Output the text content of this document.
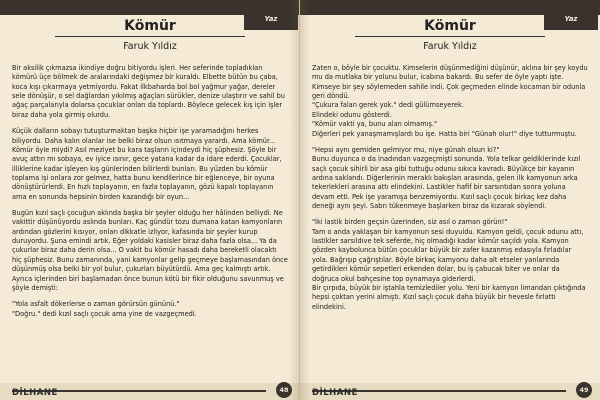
Yaz
Kömür
Faruk Yıldız

Bir aksilik çıkmazsa ikindiye doğru bitiyordu işleri. Her seferinde topladıkları kömürü üçe bölmek de aralarındaki değişmez bir kuraldı. Elbette bütün bu çaba, koca kışı çıkarmaya yetmiyordu. Fakat ilkbaharda bol bol yağmur yağar, dereler sele dönüşür, o sel dağlardan yıkılmış ağaçları sürükler, denize ulaştırır ve sahil bu ağaç parçalarıyla dolarsa çocuklar onları da toplardı. Böylece gelecek kış için işler biraz daha yola girmiş olurdu.

Küçük dalların sobayı tutuşturmaktan başka hiçbir işe yaramadığını herkes biliyordu. Daha kalın olanlar ise belki biraz olsun ısıtmaya yarardı. Ama kömür... Kömür öyle miydi? Asıl meziyet bu kara taşların içindeydi hiç şüphesiz. Şöyle bir avuç attın mı sobaya, ev iyice ısınır, gece yatana kadar da idare ederdi. Çocuklar, illiklerine kadar işleyen kış günlerinden bilirlerdi bunları. Bu yüzden bu kömür toplama işi onlara zor gelmez, hatta bunu kendilerince bir eğlenceye, bir oyuna dönüştürürlerdi. En hızlı toplayanın, en fazla toplayanın, gözü kapalı toplayanın ama en sonunda hepsinin birden kazandığı bir oyun...

Bugün kızıl saçlı çocuğun aklında başka bir şeyler olduğu her hâlinden belliydi. Ne vakittir düşünüyordu aslında bunları. Kaç gündür tozu dumana katan kamyonların ardından gözlerini kısıyor, onları dikkatle izliyor, kafasında bir şeyler kurup duruyordu. Şuna emindi artık. Eğer yoldaki kasisler biraz daha fazla olsa... Ya da çukurlar biraz daha derin olsa... O vakit bu kömür hasadı daha bereketli olacaktı hiç şüphesiz. Bunu zamanında, yani kamyonlar gelip geçmeye başlamasından önce düşünmüş olsa belki bir yol bulur, çukurları büyütürdü. Ama geç kalmıştı artık. Ayrıca içlerinden biri başlamadan önce bunun kötü bir fikir olduğunu savunmuş ve şöyle demişti:

"Yola asfalt dökerlerse o zaman görürsün gününü."
"Doğru." dedi kızıl saçlı çocuk ama yine de vazgeçmedi.

DİLHANE	48
Yaz
Kömür
Faruk Yıldız

Zaten o, böyle bir çocuktu. Kimselerin düşünmediğini düşünür, aklına bir şey koydu mu da mutlaka bir yolunu bulur, icabına bakardı. Bu sefer de öyle yaptı işte. Kimseye bir şey söylemeden sahile indi. Çok geçmeden elinde kocaman bir odunla geri döndü.
"Çukura falan gerek yok." dedi gülümseyerek.
Elindeki odunu gösterdi.
"Kömür vakti ya, bunu alan olmamış."
Diğerleri pek yanaşmamışlardı bu işe. Hatta biri "Günah olur!" diye tutturmuştu.

"Hepsi aynı gemiden gelmiyor mu, niye günah olsun ki?"
Bunu duyunca o da inadından vazgeçmişti sonunda. Yola telkar geldiklerinde kızıl saçlı çocuk sihirli bir asa gibi tuttuğu odunu sıkıca kavradı. Büyükçe bir kayanın ardına saklandı. Diğerlerinin meraklı bakışları arasında, gelen ilk kamyonun arka tekerlekleri arasına attı elindekini. Lastikler hafif bir sarsıntıdan sonra yoluna devam etti. Pek işe yaramışa benzemiyordu. Kızıl saçlı çocuk birkaç kez daha deneği aynı şeyi. Sabrı tükenmeye başlarken biraz da kızarak söylendi.

"İki lastik birden geçsin üzerinden, siz asıl o zaman görün!"
Tam o anda yaklaşan bir kamyonun sesi duyuldu. Kamyon geldi, çocuk odunu attı, lastikler sarsıldıve tek seferde, hiç olmadığı kadar kömür saçıldı yola. Kamyon gözden kaybolunca bütün çocuklar büyük bir zafer kazanmış edasıyla fırladılar yola. Bağrışıp çağrıştılar. Böyle birkaç kamyonu daha alt etseler yanlarında getirdikleri kömür sepetleri erkenden dolar, bu iş çabucak biter ve onlar da doğruca okul bahçesine top oynamaya giderlerdi.
Bir çırpıda, büyük bir iştahla temizlediler yolu. Yeni bir kamyon limandan çıktığında hepsi çoktan yerini almıştı. Kızıl saçlı çocuk daha büyük bir hevesle fırlattı elindekini.

DİLHANE	49
